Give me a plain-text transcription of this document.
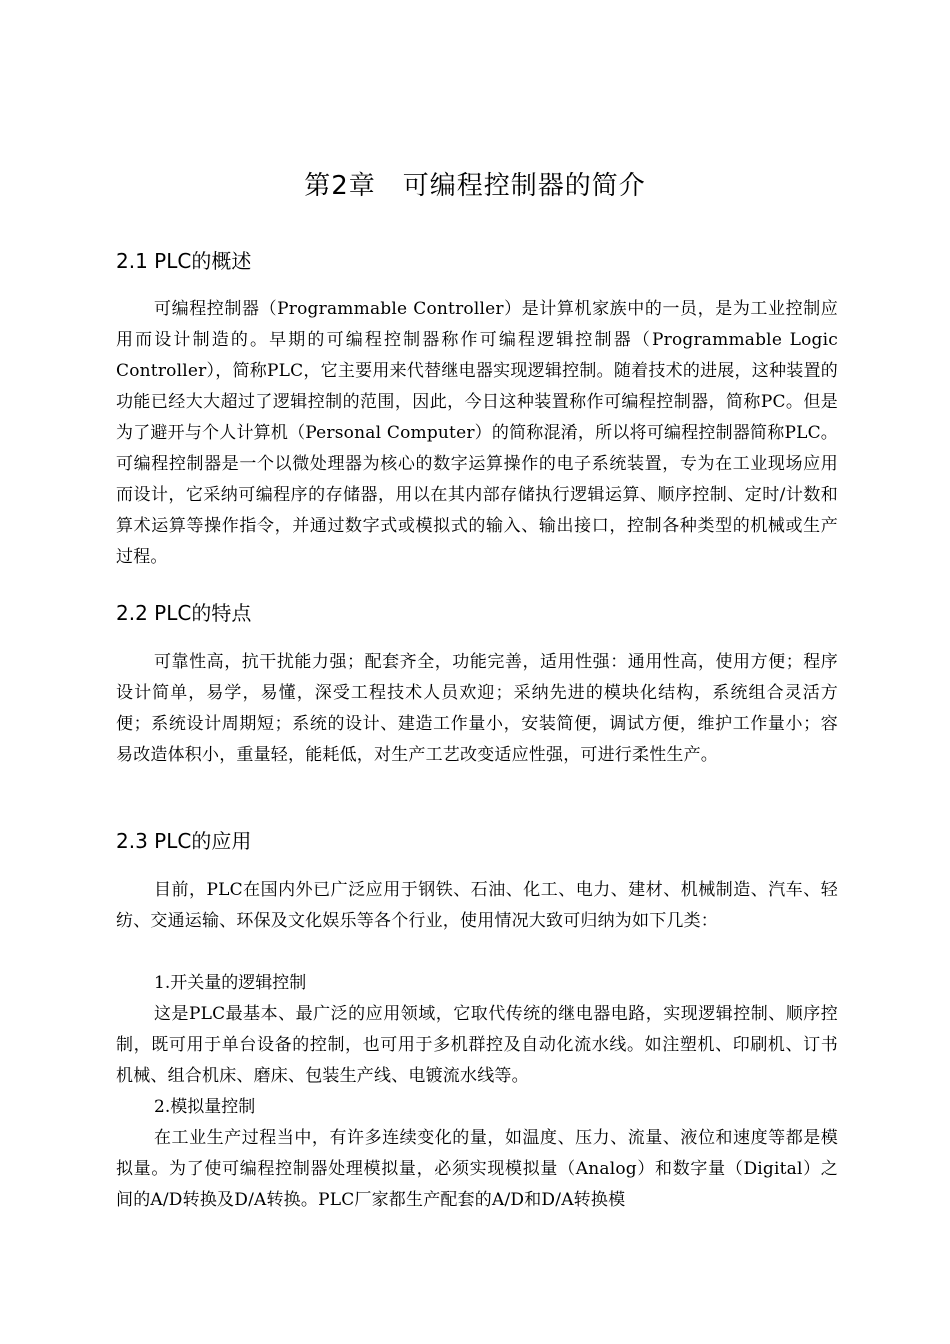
第2章　可编程控制器的简介
2.1 PLC的概述

可编程控制器（Programmable Controller）是计算机家族中的一员，是为工业控制应用而设计制造的。早期的可编程控制器称作可编程逻辑控制器（Programmable Logic Controller），简称PLC，它主要用来代替继电器实现逻辑控制。随着技术的进展，这种装置的功能已经大大超过了逻辑控制的范围，因此，今日这种装置称作可编程控制器，简称PC。但是为了避开与个人计算机（Personal Computer）的简称混淆，所以将可编程控制器简称PLC。可编程控制器是一个以微处理器为核心的数字运算操作的电子系统装置，专为在工业现场应用而设计，它采纳可编程序的存储器，用以在其内部存储执行逻辑运算、顺序控制、定时/计数和算术运算等操作指令，并通过数字式或模拟式的输入、输出接口，控制各种类型的机械或生产过程。

2.2 PLC的特点

可靠性高，抗干扰能力强；配套齐全，功能完善，适用性强：通用性高，使用方便；程序设计简单，易学，易懂，深受工程技术人员欢迎；采纳先进的模块化结构，系统组合灵活方便；系统设计周期短；系统的设计、建造工作量小，安装简便，调试方便，维护工作量小；容易改造体积小，重量轻，能耗低，对生产工艺改变适应性强，可进行柔性生产。

2.3 PLC的应用

目前，PLC在国内外已广泛应用于钢铁、石油、化工、电力、建材、机械制造、汽车、轻纺、交通运输、环保及文化娱乐等各个行业，使用情况大致可归纳为如下几类：

1.开关量的逻辑控制

这是PLC最基本、最广泛的应用领域，它取代传统的继电器电路，实现逻辑控制、顺序控制，既可用于单台设备的控制，也可用于多机群控及自动化流水线。如注塑机、印刷机、订书机械、组合机床、磨床、包装生产线、电镀流水线等。

2.模拟量控制

在工业生产过程当中，有许多连续变化的量，如温度、压力、流量、液位和速度等都是模拟量。为了使可编程控制器处理模拟量，必须实现模拟量（Analog）和数字量（Digital）之间的A/D转换及D/A转换。PLC厂家都生产配套的A/D和D/A转换模
